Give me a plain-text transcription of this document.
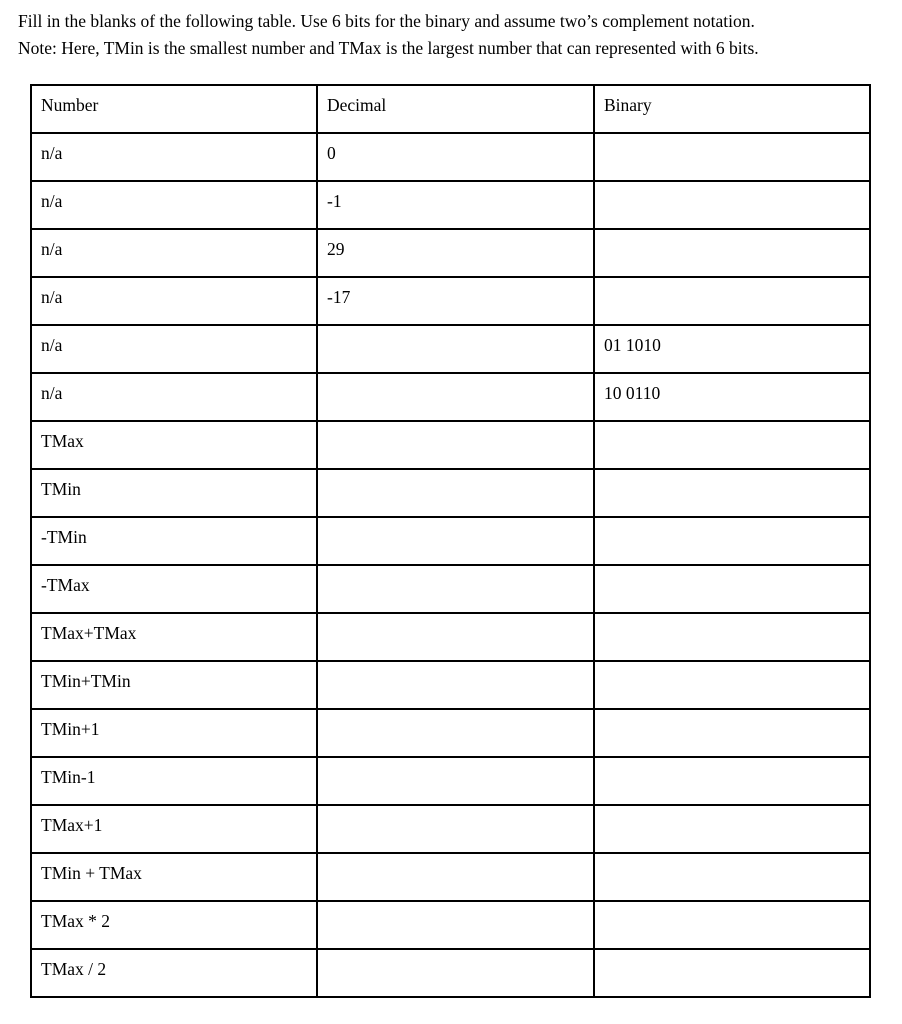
Fill in the blanks of the following table. Use 6 bits for the binary and assume two’s complement notation.
Note: Here, TMin is the smallest number and TMax is the largest number that can represented with 6 bits.
Number	Decimal	Binary
n/a	0	
n/a	-1	
n/a	29	
n/a	-17	
n/a		01 1010
n/a		10 0110
TMax		
TMin		
-TMin		
-TMax		
TMax+TMax		
TMin+TMin		
TMin+1		
TMin-1		
TMax+1		
TMin + TMax		
TMax * 2		
TMax / 2		
